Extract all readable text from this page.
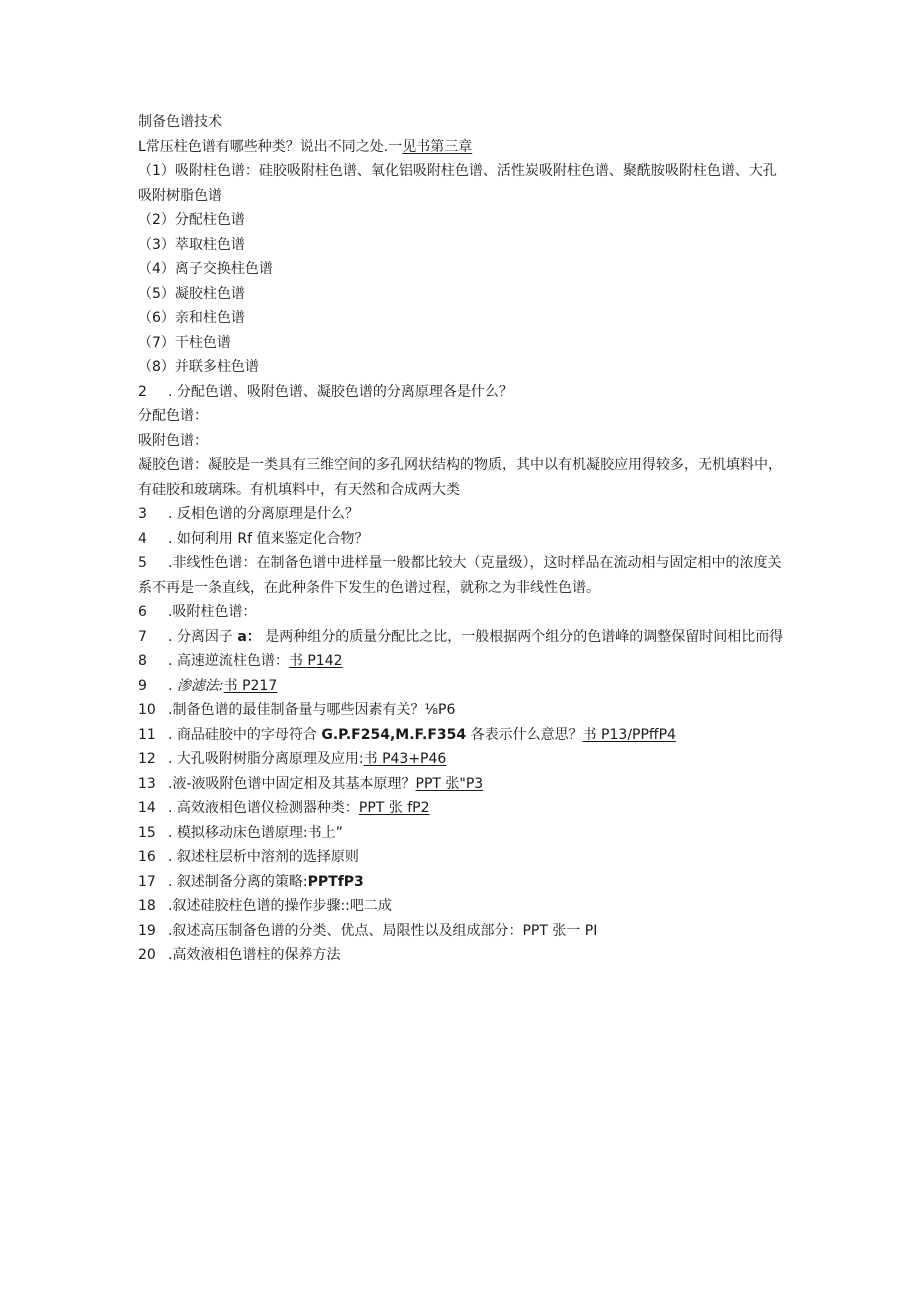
制备色谱技术
L常压柱色谱有哪些种类？说出不同之处.一见书第三章
（1）吸附柱色谱：硅胶吸附柱色谱、氧化铝吸附柱色谱、活性炭吸附柱色谱、聚酰胺吸附柱色谱、大孔吸附树脂色谱
（2）分配柱色谱
（3）萃取柱色谱
（4）离子交换柱色谱
（5）凝胶柱色谱
（6）亲和柱色谱
（7）干柱色谱
（8）并联多柱色谱
2 . 分配色谱、吸附色谱、凝胶色谱的分离原理各是什么？
分配色谱：
吸附色谱：
凝胶色谱：凝胶是一类具有三维空间的多孔网状结构的物质，其中以有机凝胶应用得较多，无机填料中，有硅胶和玻璃珠。有机填料中，有天然和合成两大类
3 . 反相色谱的分离原理是什么？
4 . 如何利用 Rf 值来鉴定化合物？
5 .非线性色谱：在制备色谱中进样量一般都比较大（克量级），这时样品在流动相与固定相中的浓度关系不再是一条直线，在此种条件下发生的色谱过程，就称之为非线性色谱。
6 .吸附柱色谱：
7 . 分离因子 a： 是两种组分的质量分配比之比，一般根据两个组分的色谱峰的调整保留时间相比而得
8 . 高速逆流柱色谱：书 P142
9 . 渗滤法:书 P217
10 .制备色谱的最佳制备量与哪些因素有关？⅛P6
11 . 商品硅胶中的字母符合 G.P.F254,M.F.F354 各表示什么意思？书 P13∕PPffP4
12 . 大孔吸附树脂分离原理及应用:书 P43+P46
13 .液-液吸附色谱中固定相及其基本原理？PPT 张"P3
14 . 高效液相色谱仪检测器种类：PPT 张 fP2
15 . 模拟移动床色谱原理:书上”
16 . 叙述柱层析中溶剂的选择原则
17 . 叙述制备分离的策略:PPTfP3
18 .叙述硅胶柱色谱的操作步骤::吧二成
19 .叙述高压制备色谱的分类、优点、局限性以及组成部分：PPT 张一 PI
20 .高效液相色谱柱的保养方法
